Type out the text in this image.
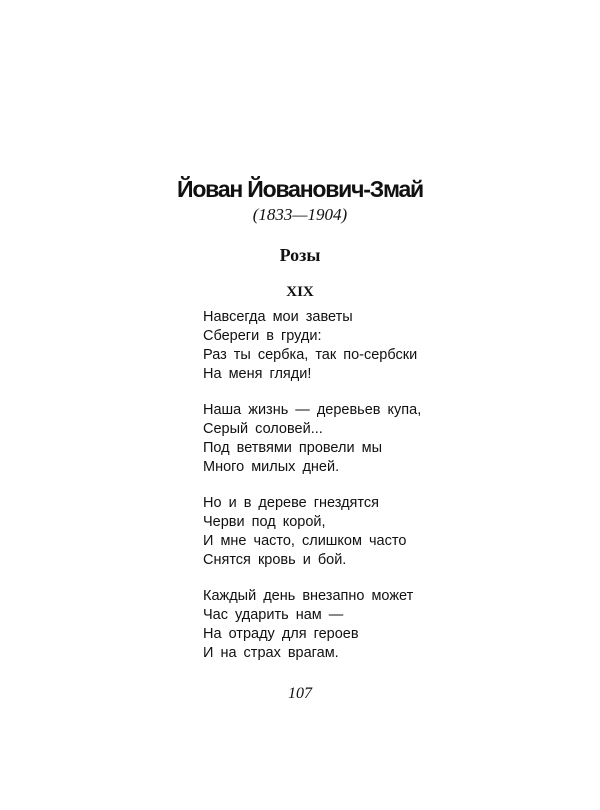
Йован Йованович-Змай
(1833—1904)
Розы
XIX
Навсегда мои заветы
Сбереги в груди:
Раз ты сербка, так по-сербски
На меня гляди!
Наша жизнь — деревьев купа,
Серый соловей...
Под ветвями провели мы
Много милых дней.
Но и в дереве гнездятся
Черви под корой,
И мне часто, слишком часто
Снятся кровь и бой.
Каждый день внезапно может
Час ударить нам —
На отраду для героев
И на страх врагам.
107
